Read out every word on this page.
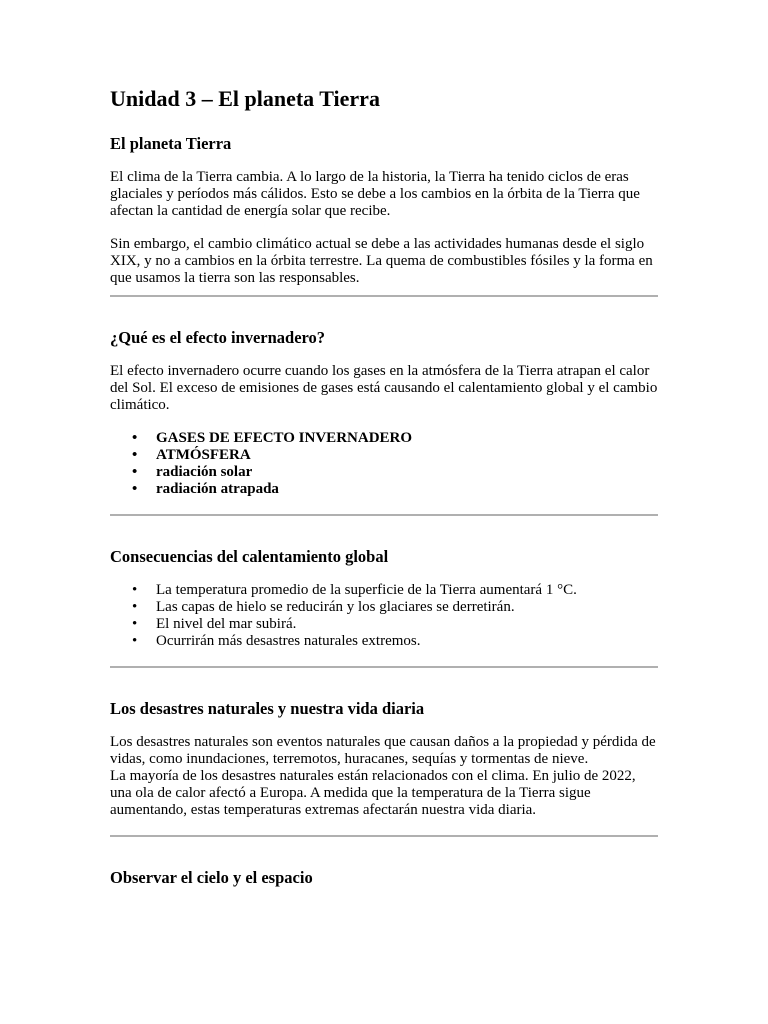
Unidad 3 – El planeta Tierra
El planeta Tierra

El clima de la Tierra cambia. A lo largo de la historia, la Tierra ha tenido ciclos de eras glaciales y períodos más cálidos. Esto se debe a los cambios en la órbita de la Tierra que afectan la cantidad de energía solar que recibe.

Sin embargo, el cambio climático actual se debe a las actividades humanas desde el siglo XIX, y no a cambios en la órbita terrestre. La quema de combustibles fósiles y la forma en que usamos la tierra son las responsables.

¿Qué es el efecto invernadero?

El efecto invernadero ocurre cuando los gases en la atmósfera de la Tierra atrapan el calor del Sol. El exceso de emisiones de gases está causando el calentamiento global y el cambio climático.

• GASES DE EFECTO INVERNADERO
• ATMÓSFERA
• radiación solar
• radiación atrapada
Consecuencias del calentamiento global
• La temperatura promedio de la superficie de la Tierra aumentará 1 °C.
• Las capas de hielo se reducirán y los glaciares se derretirán.
• El nivel del mar subirá.
• Ocurrirán más desastres naturales extremos.
Los desastres naturales y nuestra vida diaria

Los desastres naturales son eventos naturales que causan daños a la propiedad y pérdida de vidas, como inundaciones, terremotos, huracanes, sequías y tormentas de nieve.
La mayoría de los desastres naturales están relacionados con el clima. En julio de 2022, una ola de calor afectó a Europa. A medida que la temperatura de la Tierra sigue aumentando, estas temperaturas extremas afectarán nuestra vida diaria.

Observar el cielo y el espacio
